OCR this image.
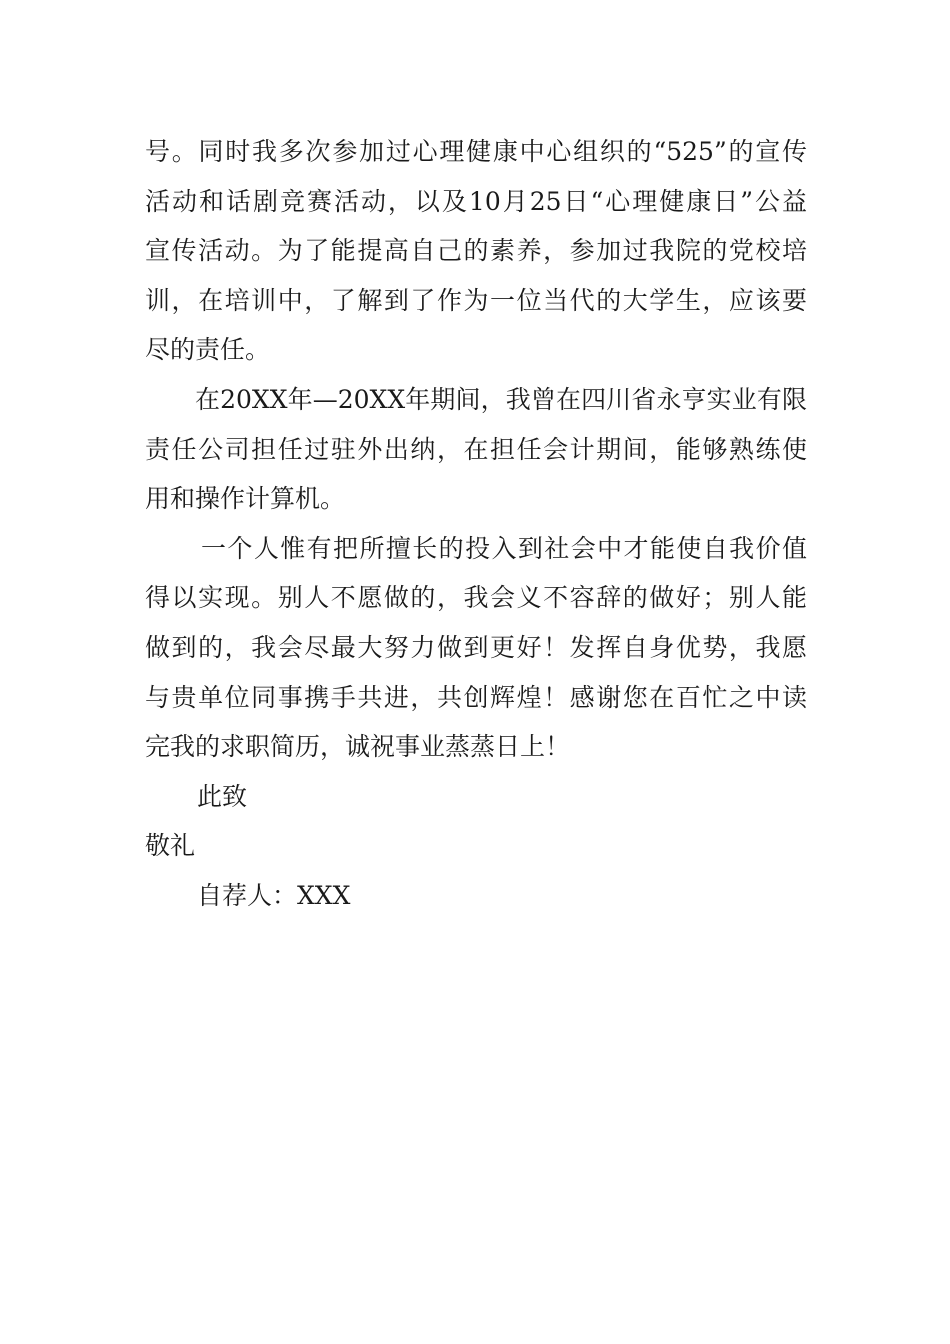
号。同时我多次参加过心理健康中心组织的“525”的宣传
活动和话剧竞赛活动，以及10月25日“心理健康日”公益
宣传活动。为了能提高自己的素养，参加过我院的党校培
训，在培训中，了解到了作为一位当代的大学生，应该要
尽的责任。
在20XX年—20XX年期间，我曾在四川省永亨实业有限
责任公司担任过驻外出纳，在担任会计期间，能够熟练使
用和操作计算机。
一个人惟有把所擅长的投入到社会中才能使自我价值
得以实现。别人不愿做的，我会义不容辞的做好；别人能
做到的，我会尽最大努力做到更好！发挥自身优势，我愿
与贵单位同事携手共进，共创辉煌！感谢您在百忙之中读
完我的求职简历，诚祝事业蒸蒸日上！
此致
敬礼
自荐人：XXX
